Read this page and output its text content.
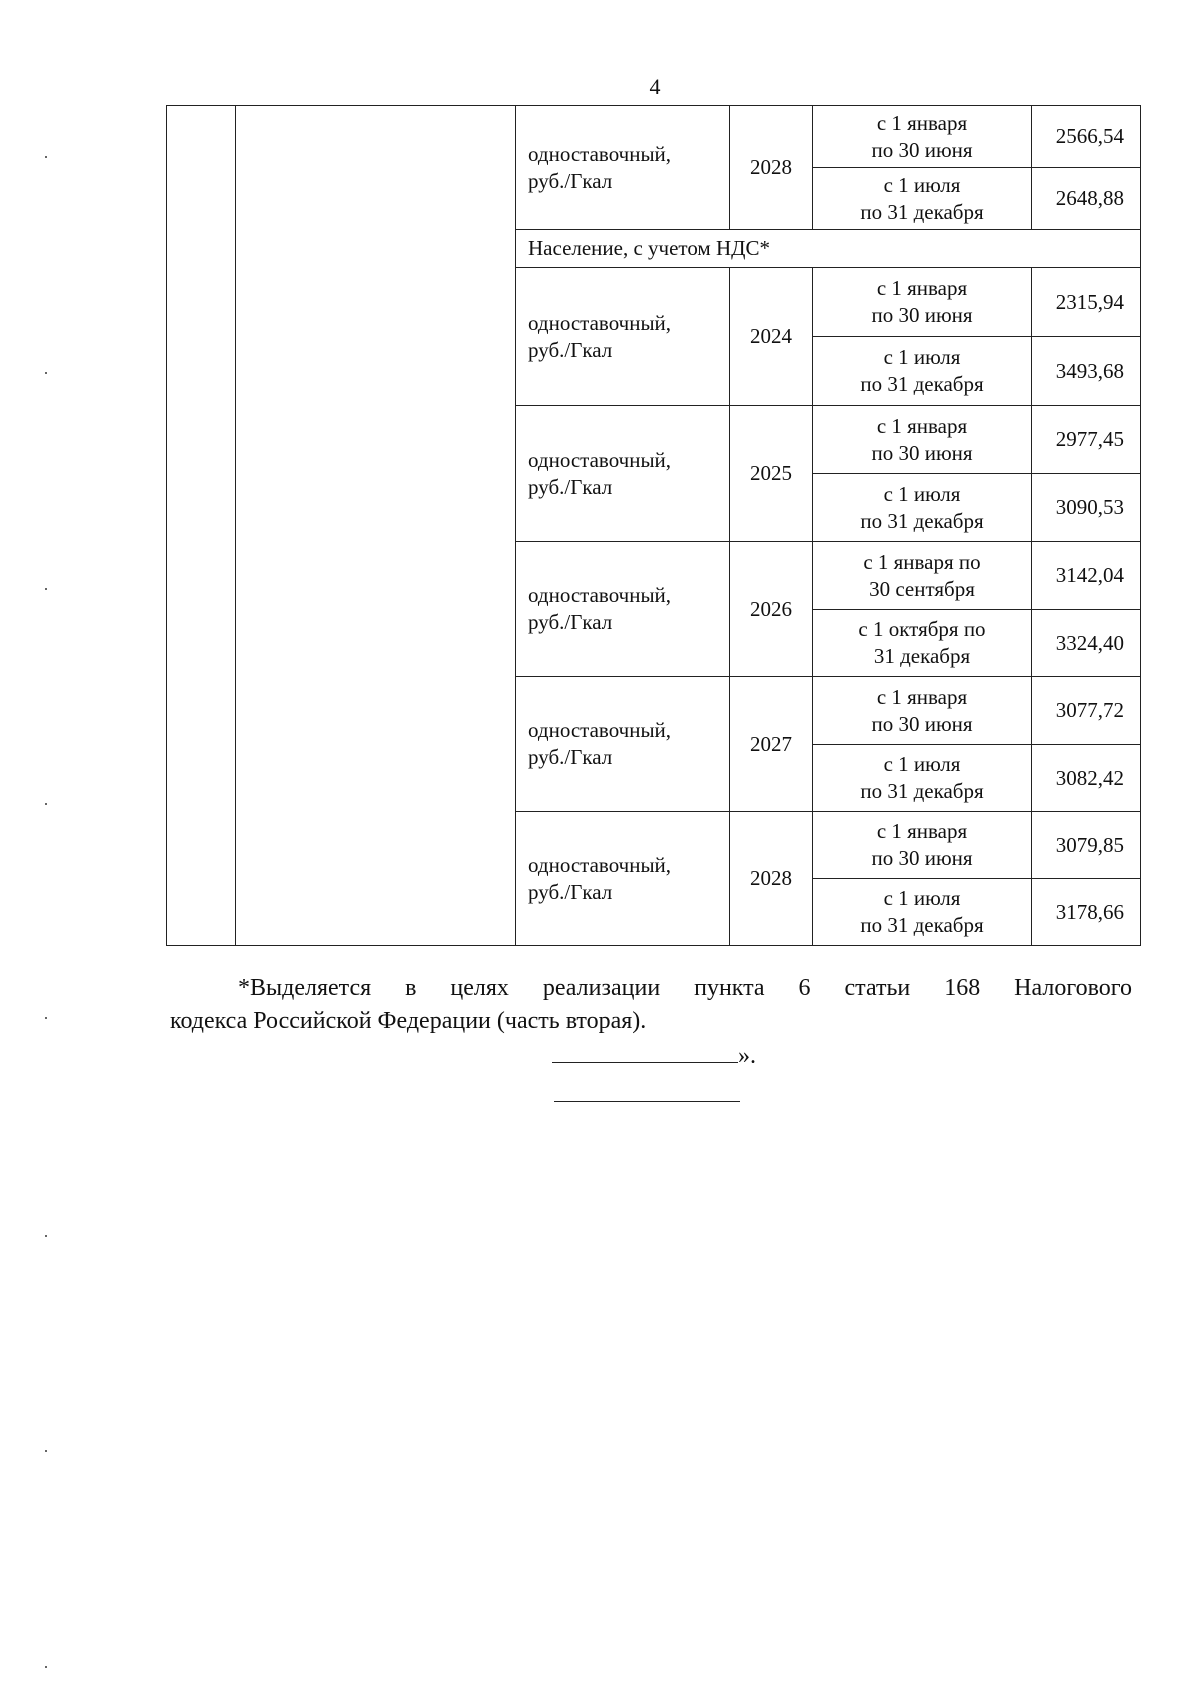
4

		одноставочный,
руб./Гкал	2028	с 1 января
по 30 июня	2566,54

				с 1 июля
по 31 декабря	2648,88
		Население, с учетом НДС*			

		одноставочный,
руб./Гкал	2024	с 1 января
по 30 июня	2315,94

				с 1 июля
по 31 декабря	3493,68

		одноставочный,
руб./Гкал	2025	с 1 января
по 30 июня	2977,45

				с 1 июля
по 31 декабря	3090,53

		одноставочный,
руб./Гкал	2026	с 1 января по
30 сентября	3142,04

				с 1 октября по
31 декабря	3324,40

		одноставочный,
руб./Гкал	2027	с 1 января
по 30 июня	3077,72

				с 1 июля
по 31 декабря	3082,42

		одноставочный,
руб./Гкал	2028	с 1 января
по 30 июня	3079,85

				с 1 июля
по 31 декабря	3178,66
*Выделяется в целях реализации пункта 6 статьи 168 Налогового
кодекса Российской Федерации (часть вторая).
».
